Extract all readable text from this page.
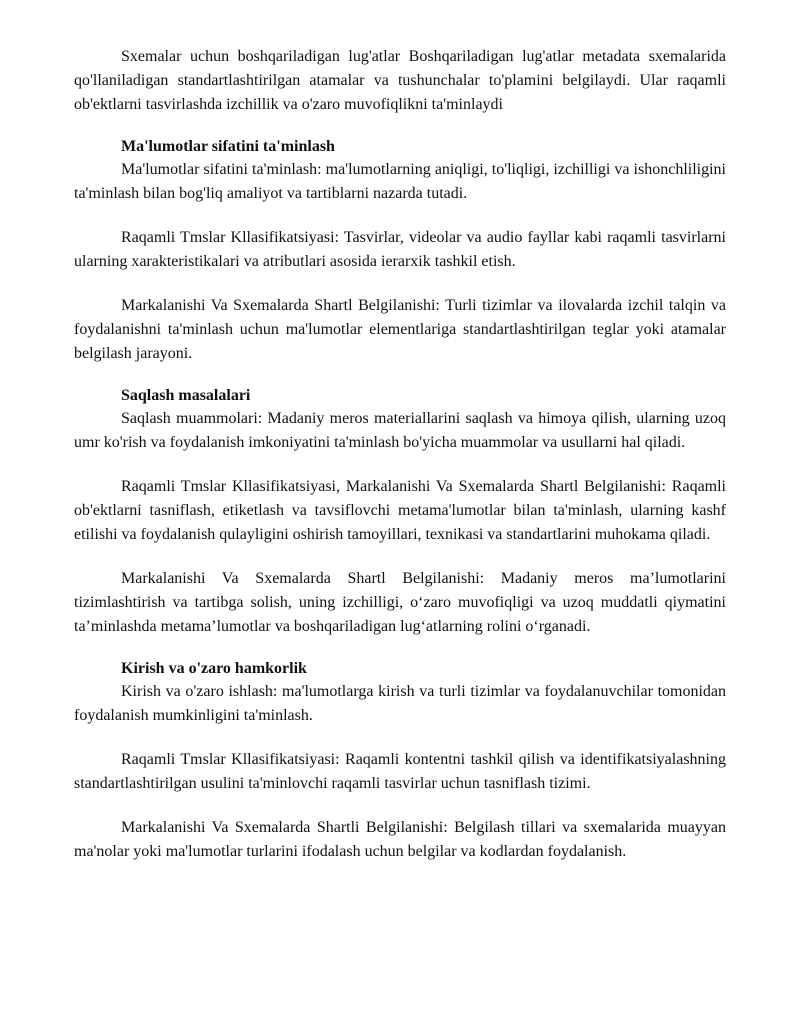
Sxemalar uchun boshqariladigan lug'atlar Boshqariladigan lug'atlar metadata sxemalarida qo'llaniladigan standartlashtirilgan atamalar va tushunchalar to'plamini belgilaydi. Ular raqamli ob'ektlarni tasvirlashda izchillik va o'zaro muvofiqlikni ta'minlaydi

Ma'lumotlar sifatini ta'minlash

Ma'lumotlar sifatini ta'minlash: ma'lumotlarning aniqligi, to'liqligi, izchilligi va ishonchliligini ta'minlash bilan bog'liq amaliyot va tartiblarni nazarda tutadi.

Raqamli Tmslar Kllasifikatsiyasi: Tasvirlar, videolar va audio fayllar kabi raqamli tasvirlarni ularning xarakteristikalari va atributlari asosida ierarxik tashkil etish.

Markalanishi Va Sxemalarda Shartl Belgilanishi: Turli tizimlar va ilovalarda izchil talqin va foydalanishni ta'minlash uchun ma'lumotlar elementlariga standartlashtirilgan teglar yoki atamalar belgilash jarayoni.

Saqlash masalalari

Saqlash muammolari: Madaniy meros materiallarini saqlash va himoya qilish, ularning uzoq umr ko'rish va foydalanish imkoniyatini ta'minlash bo'yicha muammolar va usullarni hal qiladi.

Raqamli Tmslar Kllasifikatsiyasi, Markalanishi Va Sxemalarda Shartl Belgilanishi: Raqamli ob'ektlarni tasniflash, etiketlash va tavsiflovchi metama'lumotlar bilan ta'minlash, ularning kashf etilishi va foydalanish qulayligini oshirish tamoyillari, texnikasi va standartlarini muhokama qiladi.

Markalanishi Va Sxemalarda Shartl Belgilanishi: Madaniy meros ma’lumotlarini tizimlashtirish va tartibga solish, uning izchilligi, o‘zaro muvofiqligi va uzoq muddatli qiymatini ta’minlashda metama’lumotlar va boshqariladigan lug‘atlarning rolini o‘rganadi.

Kirish va o'zaro hamkorlik

Kirish va o'zaro ishlash: ma'lumotlarga kirish va turli tizimlar va foydalanuvchilar tomonidan foydalanish mumkinligini ta'minlash.

Raqamli Tmslar Kllasifikatsiyasi: Raqamli kontentni tashkil qilish va identifikatsiyalashning standartlashtirilgan usulini ta'minlovchi raqamli tasvirlar uchun tasniflash tizimi.

Markalanishi Va Sxemalarda Shartli Belgilanishi: Belgilash tillari va sxemalarida muayyan ma'nolar yoki ma'lumotlar turlarini ifodalash uchun belgilar va kodlardan foydalanish.
